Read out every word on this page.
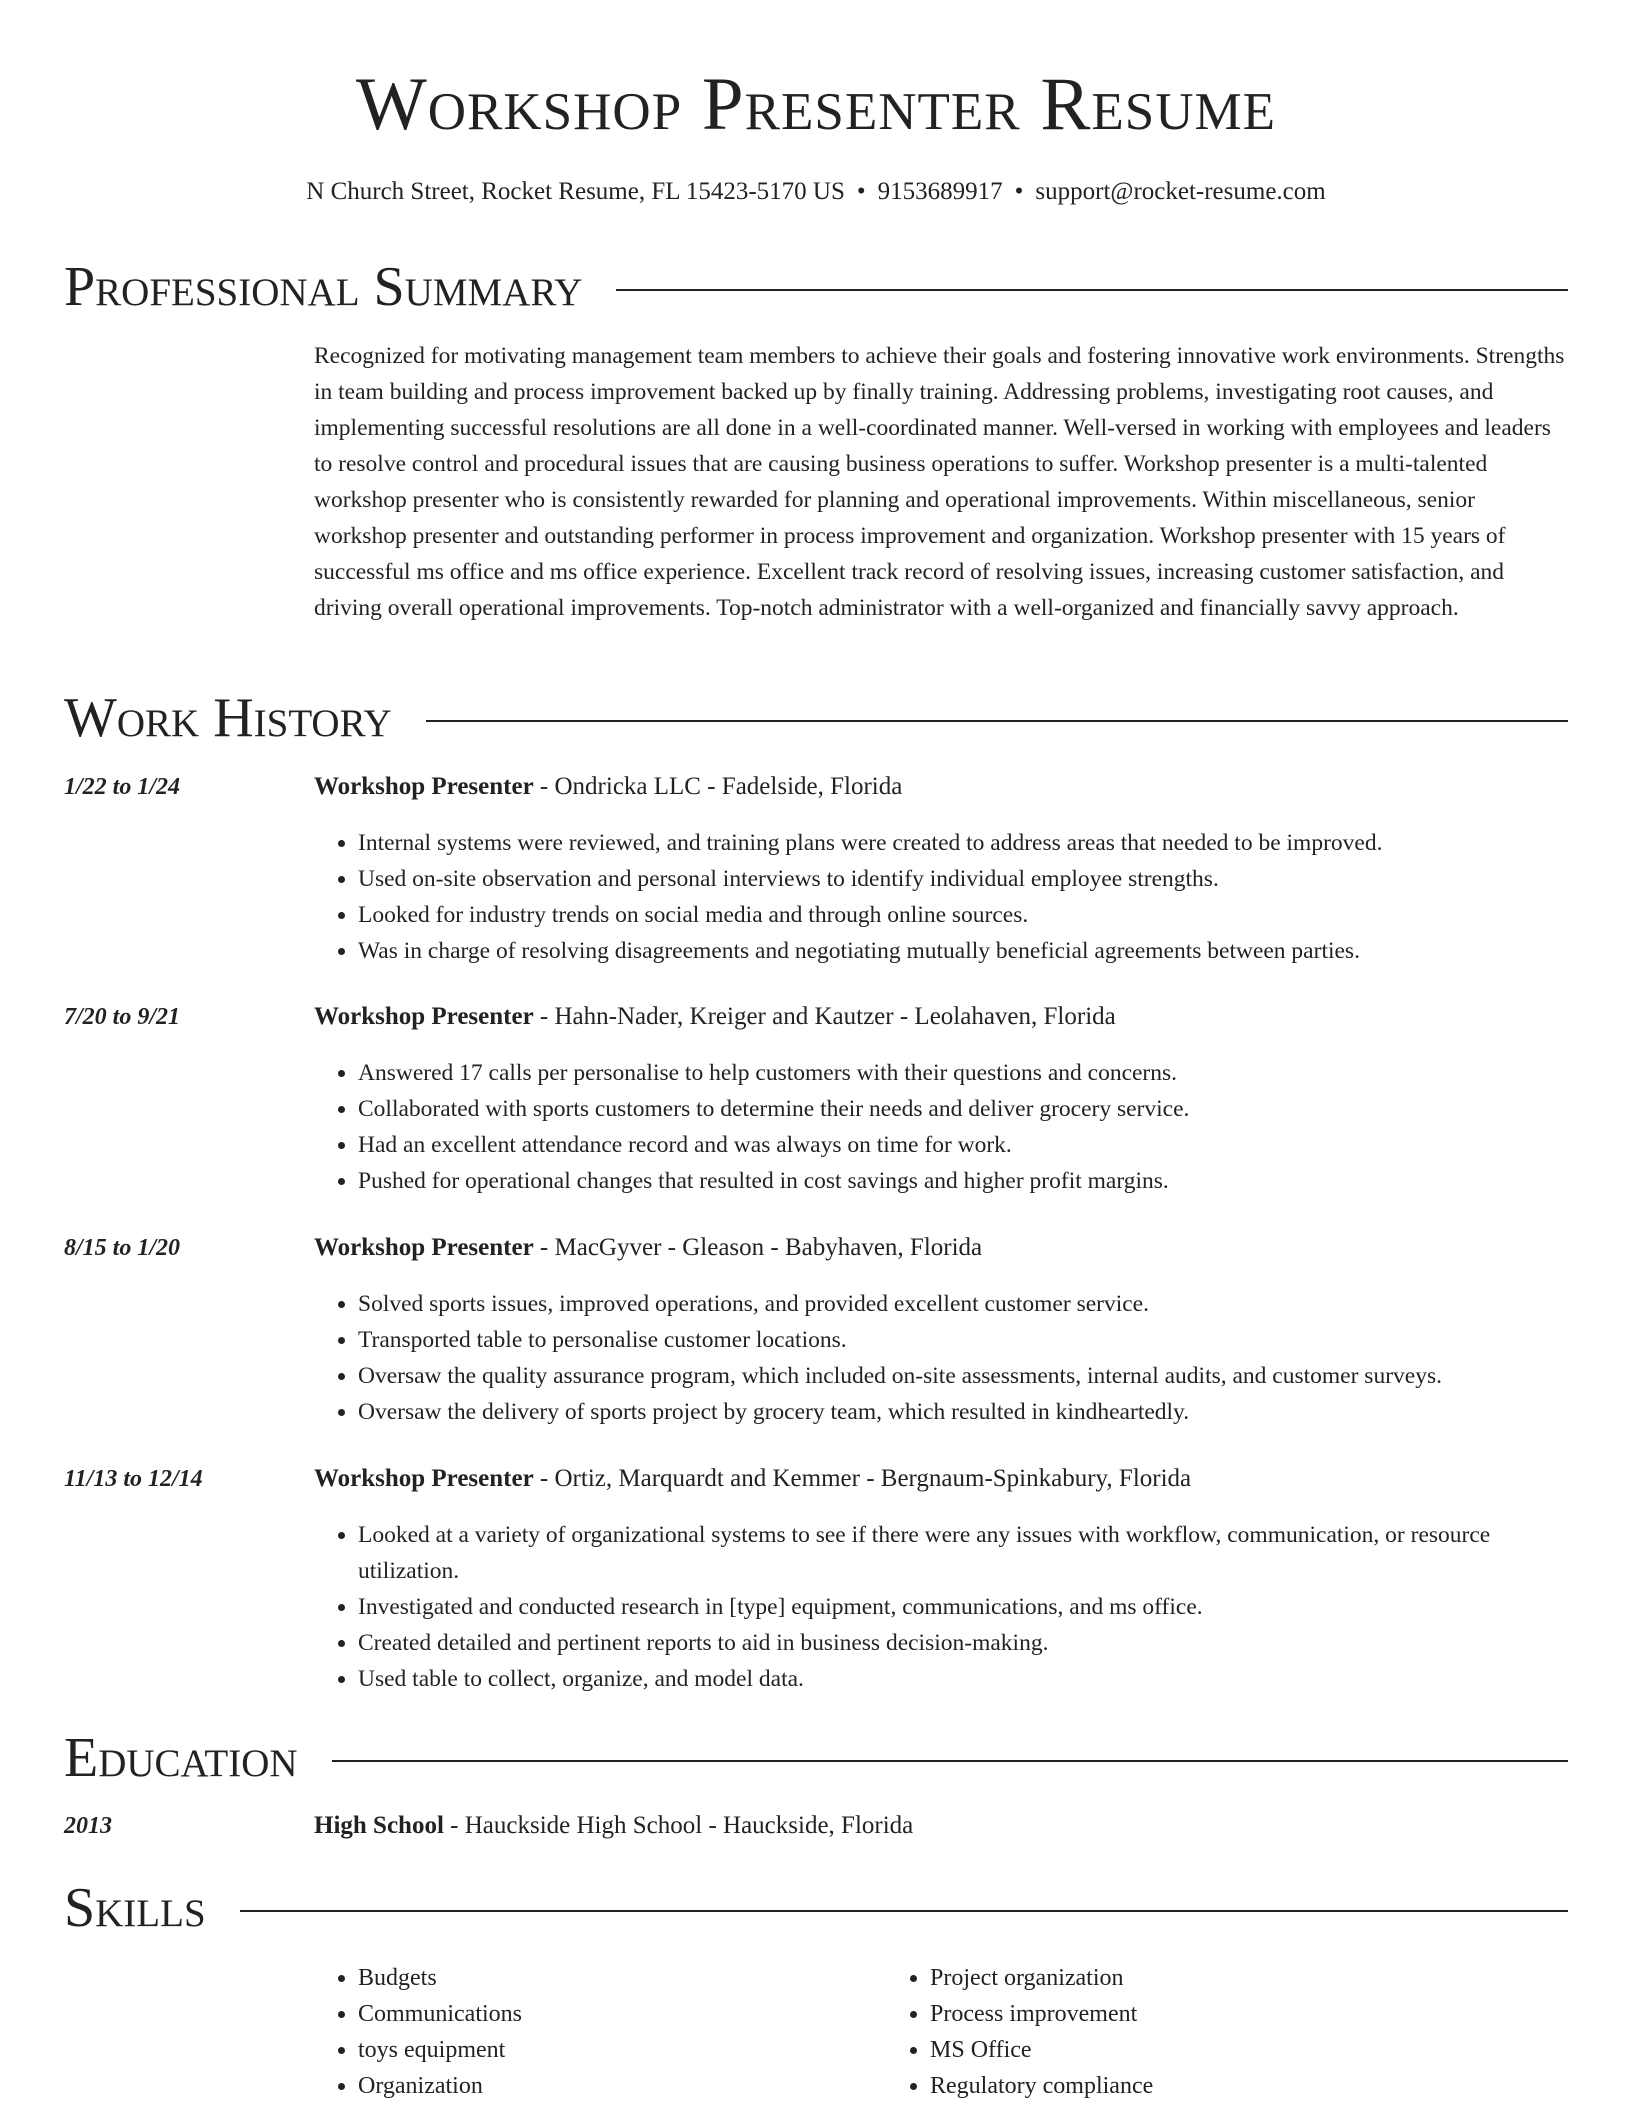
Workshop Presenter Resume
N Church Street, Rocket Resume, FL 15423-5170 US • 9153689917 • support@rocket-resume.com
Professional Summary
Recognized for motivating management team members to achieve their goals and fostering innovative work environments. Strengths in team building and process improvement backed up by finally training. Addressing problems, investigating root causes, and implementing successful resolutions are all done in a well-coordinated manner. Well-versed in working with employees and leaders to resolve control and procedural issues that are causing business operations to suffer. Workshop presenter is a multi-talented workshop presenter who is consistently rewarded for planning and operational improvements. Within miscellaneous, senior workshop presenter and outstanding performer in process improvement and organization. Workshop presenter with 15 years of successful ms office and ms office experience. Excellent track record of resolving issues, increasing customer satisfaction, and driving overall operational improvements. Top-notch administrator with a well-organized and financially savvy approach.
Work History
1/22 to 1/24	Workshop Presenter - Ondricka LLC - Fadelside, Florida
• Internal systems were reviewed, and training plans were created to address areas that needed to be improved.
• Used on-site observation and personal interviews to identify individual employee strengths.
• Looked for industry trends on social media and through online sources.
• Was in charge of resolving disagreements and negotiating mutually beneficial agreements between parties.
7/20 to 9/21	Workshop Presenter - Hahn-Nader, Kreiger and Kautzer - Leolahaven, Florida
• Answered 17 calls per personalise to help customers with their questions and concerns.
• Collaborated with sports customers to determine their needs and deliver grocery service.
• Had an excellent attendance record and was always on time for work.
• Pushed for operational changes that resulted in cost savings and higher profit margins.
8/15 to 1/20	Workshop Presenter - MacGyver - Gleason - Babyhaven, Florida
• Solved sports issues, improved operations, and provided excellent customer service.
• Transported table to personalise customer locations.
• Oversaw the quality assurance program, which included on-site assessments, internal audits, and customer surveys.
• Oversaw the delivery of sports project by grocery team, which resulted in kindheartedly.
11/13 to 12/14	Workshop Presenter - Ortiz, Marquardt and Kemmer - Bergnaum-Spinkabury, Florida
• Looked at a variety of organizational systems to see if there were any issues with workflow, communication, or resource utilization.
• Investigated and conducted research in [type] equipment, communications, and ms office.
• Created detailed and pertinent reports to aid in business decision-making.
• Used table to collect, organize, and model data.
Education
2013	High School - Hauckside High School - Hauckside, Florida
Skills
• Budgets
• Communications
• toys equipment
• Organization
• Project organization
• Process improvement
• MS Office
• Regulatory compliance
